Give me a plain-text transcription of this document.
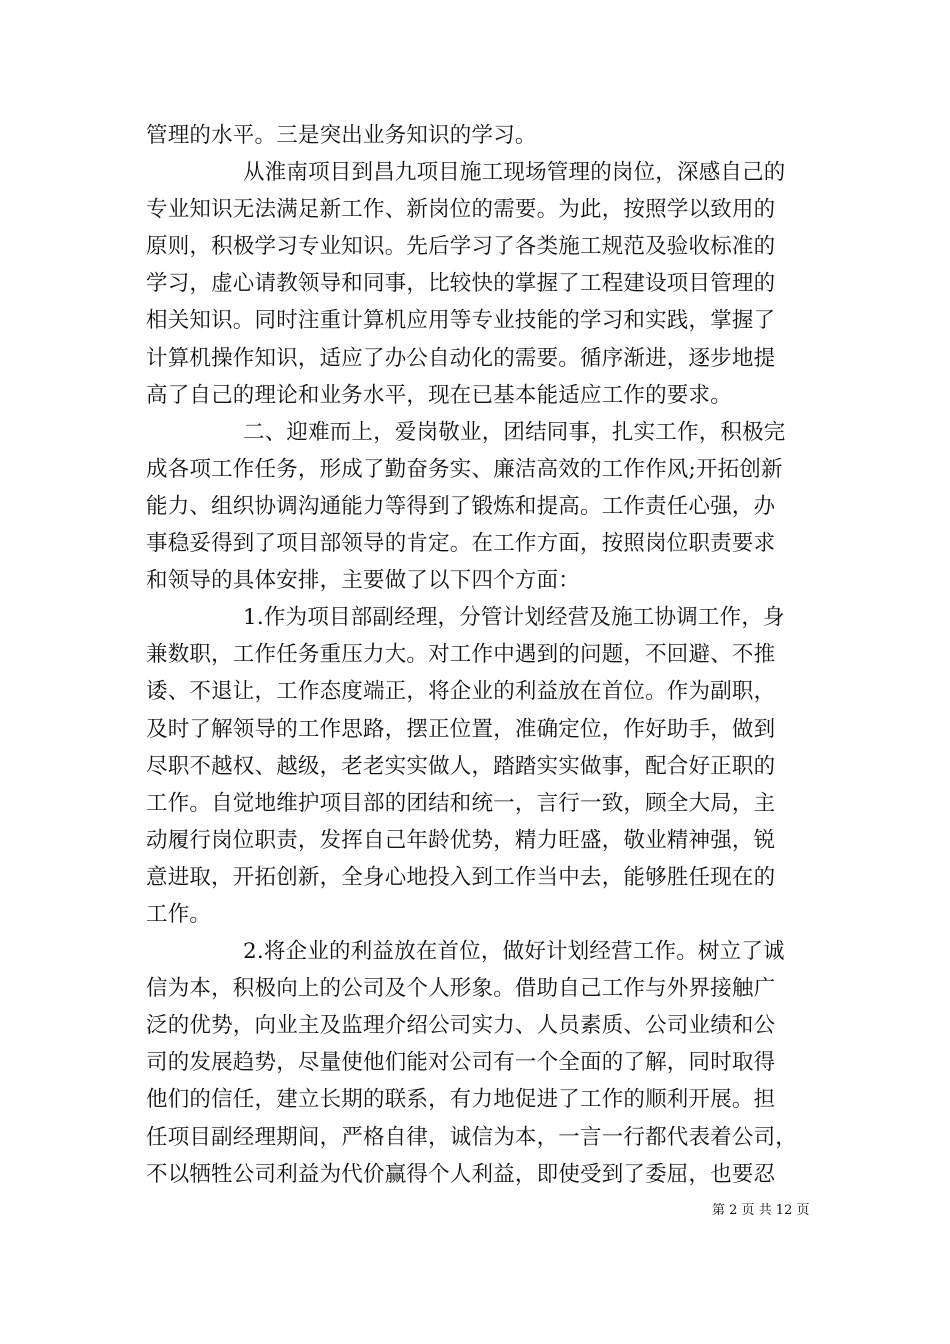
管理的水平。三是突出业务知识的学习。
从淮南项目到昌九项目施工现场管理的岗位，深感自己的
专业知识无法满足新工作、新岗位的需要。为此，按照学以致用的
原则，积极学习专业知识。先后学习了各类施工规范及验收标准的
学习，虚心请教领导和同事，比较快的掌握了工程建设项目管理的
相关知识。同时注重计算机应用等专业技能的学习和实践，掌握了
计算机操作知识，适应了办公自动化的需要。循序渐进，逐步地提
高了自己的理论和业务水平，现在已基本能适应工作的要求。
二、迎难而上，爱岗敬业，团结同事，扎实工作，积极完
成各项工作任务，形成了勤奋务实、廉洁高效的工作作风;开拓创新
能力、组织协调沟通能力等得到了锻炼和提高。工作责任心强，办
事稳妥得到了项目部领导的肯定。在工作方面，按照岗位职责要求
和领导的具体安排，主要做了以下四个方面：
1.作为项目部副经理，分管计划经营及施工协调工作，身
兼数职，工作任务重压力大。对工作中遇到的问题，不回避、不推
诿、不退让，工作态度端正，将企业的利益放在首位。作为副职，
及时了解领导的工作思路，摆正位置，准确定位，作好助手，做到
尽职不越权、越级，老老实实做人，踏踏实实做事，配合好正职的
工作。自觉地维护项目部的团结和统一，言行一致，顾全大局，主
动履行岗位职责，发挥自己年龄优势，精力旺盛，敬业精神强，锐
意进取，开拓创新，全身心地投入到工作当中去，能够胜任现在的
工作。
2.将企业的利益放在首位，做好计划经营工作。树立了诚
信为本，积极向上的公司及个人形象。借助自己工作与外界接触广
泛的优势，向业主及监理介绍公司实力、人员素质、公司业绩和公
司的发展趋势，尽量使他们能对公司有一个全面的了解，同时取得
他们的信任，建立长期的联系，有力地促进了工作的顺利开展。担
任项目副经理期间，严格自律，诚信为本，一言一行都代表着公司，
不以牺牲公司利益为代价赢得个人利益，即使受到了委屈，也要忍
第 2 页 共 12 页
